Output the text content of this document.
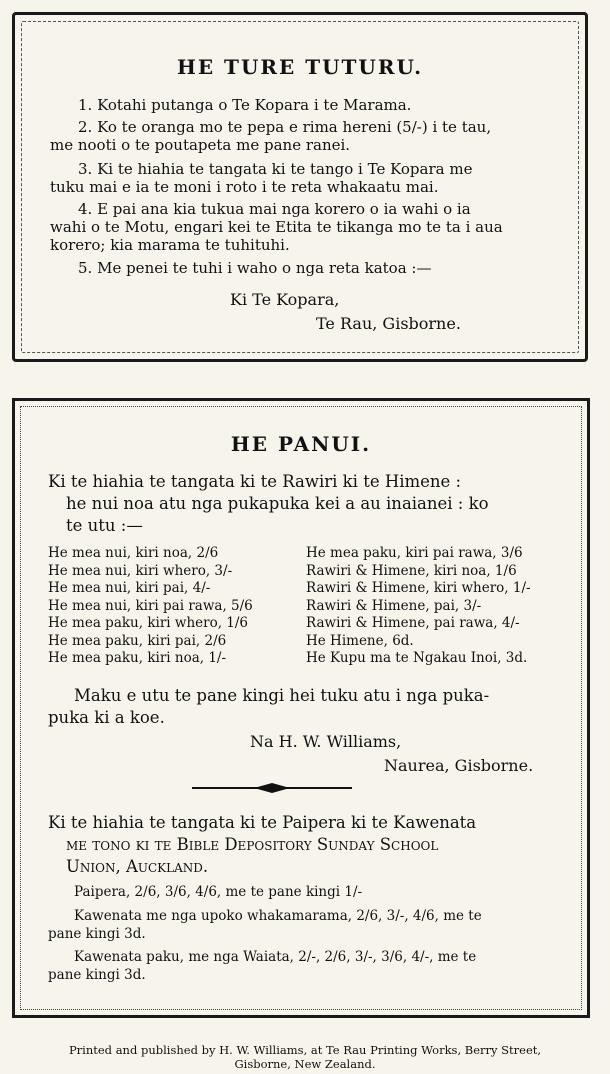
HE TURE TUTURU.
1. Kotahi putanga o Te Kopara i te Marama.
2. Ko te oranga mo te pepa e rima hereni (5/-) i te tau,
me nooti o te poutapeta me pane ranei.
3. Ki te hiahia te tangata ki te tango i Te Kopara me
tuku mai e ia te moni i roto i te reta whakaatu mai.
4. E pai ana kia tukua mai nga korero o ia wahi o ia
wahi o te Motu, engari kei te Etita te tikanga mo te ta i aua
korero; kia marama te tuhituhi.
5. Me penei te tuhi i waho o nga reta katoa :—
Ki Te Kopara,
Te Rau, Gisborne.
HE PANUI.
Ki te hiahia te tangata ki te Rawiri ki te Himene :
he nui noa atu nga pukapuka kei a au inaianei : ko
te utu :—
He mea nui, kiri noa, 2/6
He mea nui, kiri whero, 3/-
He mea nui, kiri pai, 4/-
He mea nui, kiri pai rawa, 5/6
He mea paku, kiri whero, 1/6
He mea paku, kiri pai, 2/6
He mea paku, kiri noa, 1/-
He mea paku, kiri pai rawa, 3/6
Rawiri & Himene, kiri noa, 1/6
Rawiri & Himene, kiri whero, 1/-
Rawiri & Himene, pai, 3/-
Rawiri & Himene, pai rawa, 4/-
He Himene, 6d.
He Kupu ma te Ngakau Inoi, 3d.
Maku e utu te pane kingi hei tuku atu i nga puka-
puka ki a koe.
Na H. W. Williams,
Naurea, Gisborne.
Ki te hiahia te tangata ki te Paipera ki te Kawenata
me tono ki te Bible Depository Sunday School
Union, Auckland.
Paipera, 2/6, 3/6, 4/6, me te pane kingi 1/-
Kawenata me nga upoko whakamarama, 2/6, 3/-, 4/6, me te
pane kingi 3d.
Kawenata paku, me nga Waiata, 2/-, 2/6, 3/-, 3/6, 4/-, me te
pane kingi 3d.
Printed and published by H. W. Williams, at Te Rau Printing Works, Berry Street,
Gisborne, New Zealand.
